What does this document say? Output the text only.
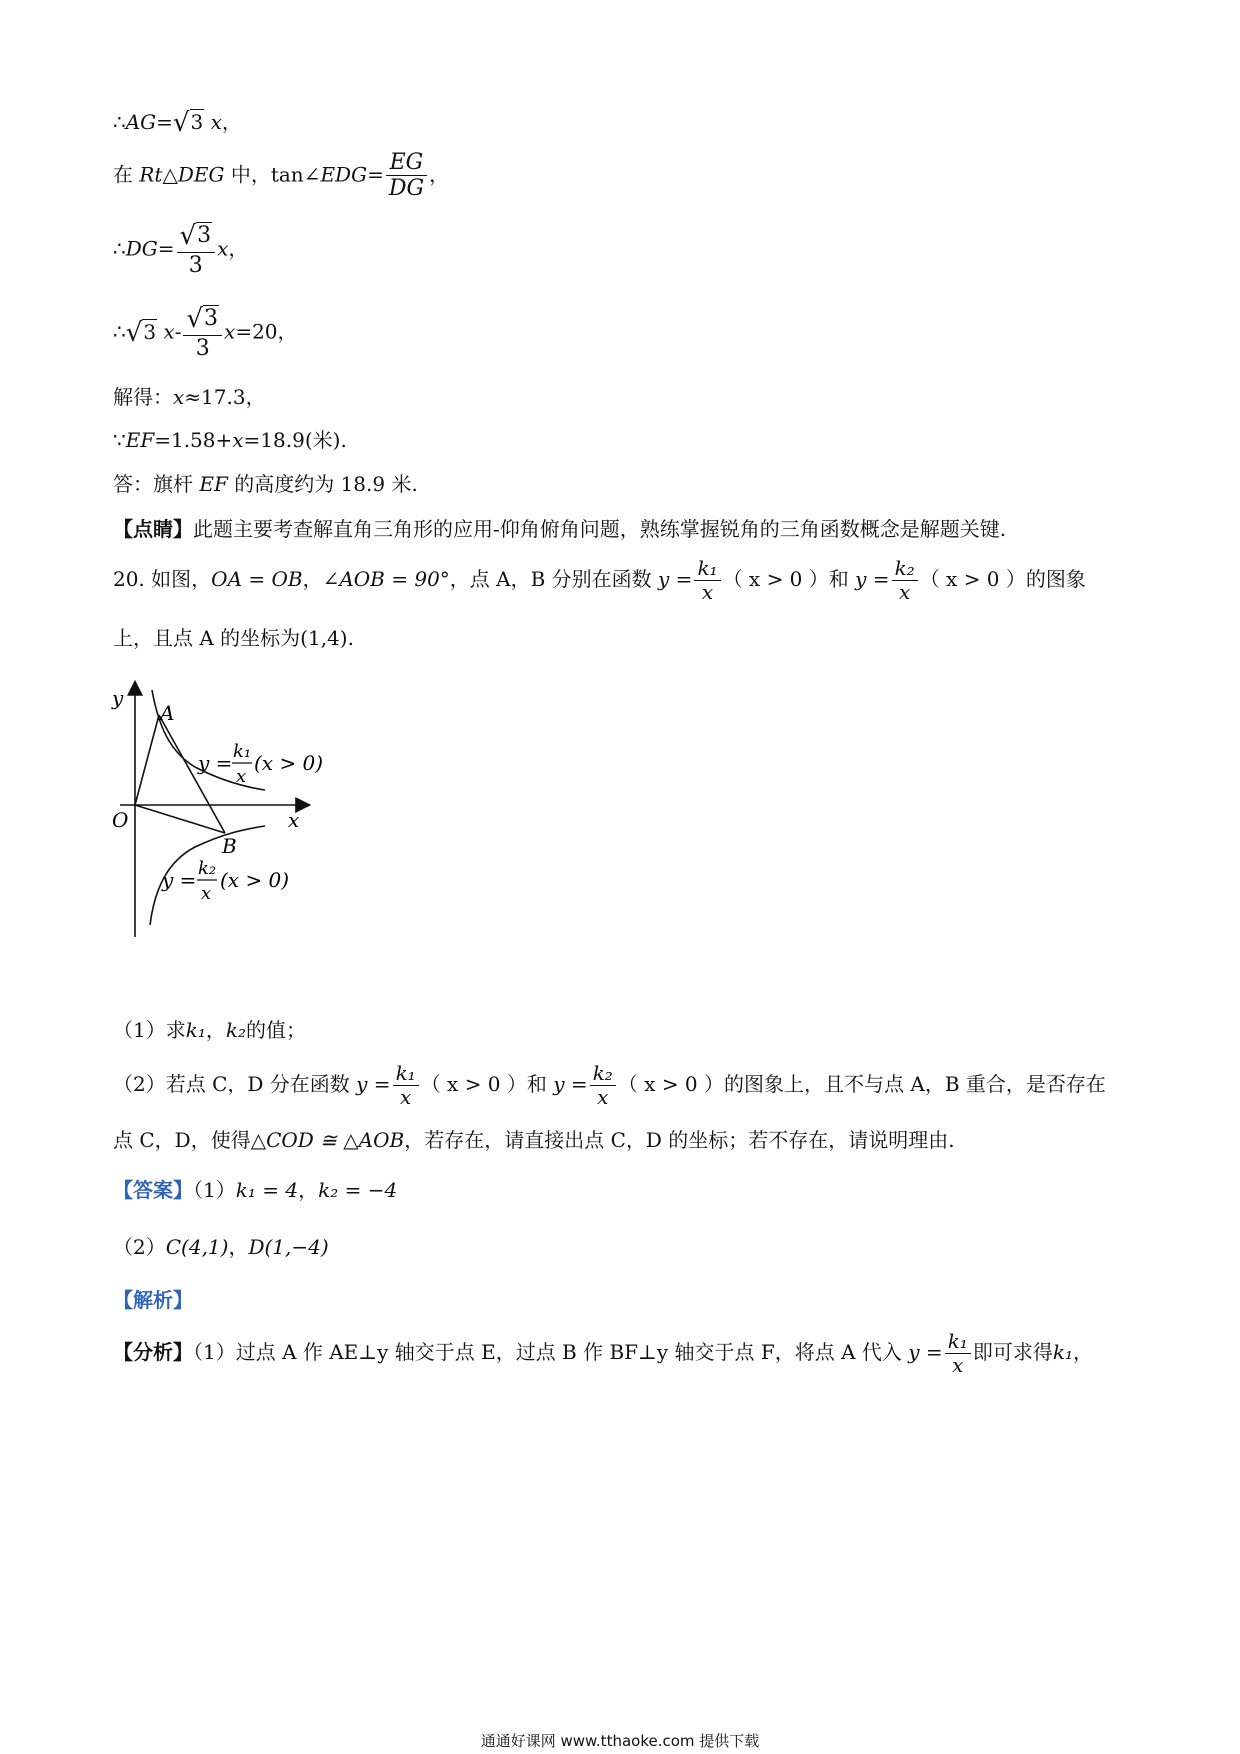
∴AG=√3 x，
在 Rt△DEG 中，tan∠EDG= $\frac{EG}{DG}$ ，
∴DG= $\frac{√3}{3}$ x，
∴√3 $x- \frac{√3}{3} x=20$，
解得：x≈17.3，
∵EF=1.58+x=18.9(米).
答：旗杆 EF 的高度约为 18.9 米.
【点睛】此题主要考查解直角三角形的应用-仰角俯角问题，熟练掌握锐角的三角函数概念是解题关键.
20. 如图，OA = OB，∠AOB = 90°，点 A，B 分别在函数 $y = \frac{\text{k₁}}{x}$ （ x > 0 ）和 $y = \frac{\text{k₂}}{x}$ （ x > 0 ）的图象
上，且点 A 的坐标为(1,4).
y
x
O
A
B
y = k₁
x
(x > 0)
y = k₂
x
(x > 0)
（1）求k₁，k₂的值；
（2）若点 C，D 分在函数 $y = \frac{\text{k₁}}{x}$ （ x > 0 ）和 $y = \frac{\text{k₂}}{x}$ （ x > 0 ）的图象上，且不与点 A，B 重合，是否存在
点 C，D，使得△COD ≅ △AOB，若存在，请直接出点 C，D 的坐标；若不存在，请说明理由.
【答案】（1）k₁ = 4，k₂ = −4
（2）C(4,1)，D(1,−4)
【解析】
【分析】（1）过点 A 作 AE⊥y 轴交于点 E，过点 B 作 BF⊥y 轴交于点 F，将点 A 代入 $y = \frac{\text{k₁}}{x}$ 即可求得k₁，
通通好课网 www.tthaoke.com 提供下载
